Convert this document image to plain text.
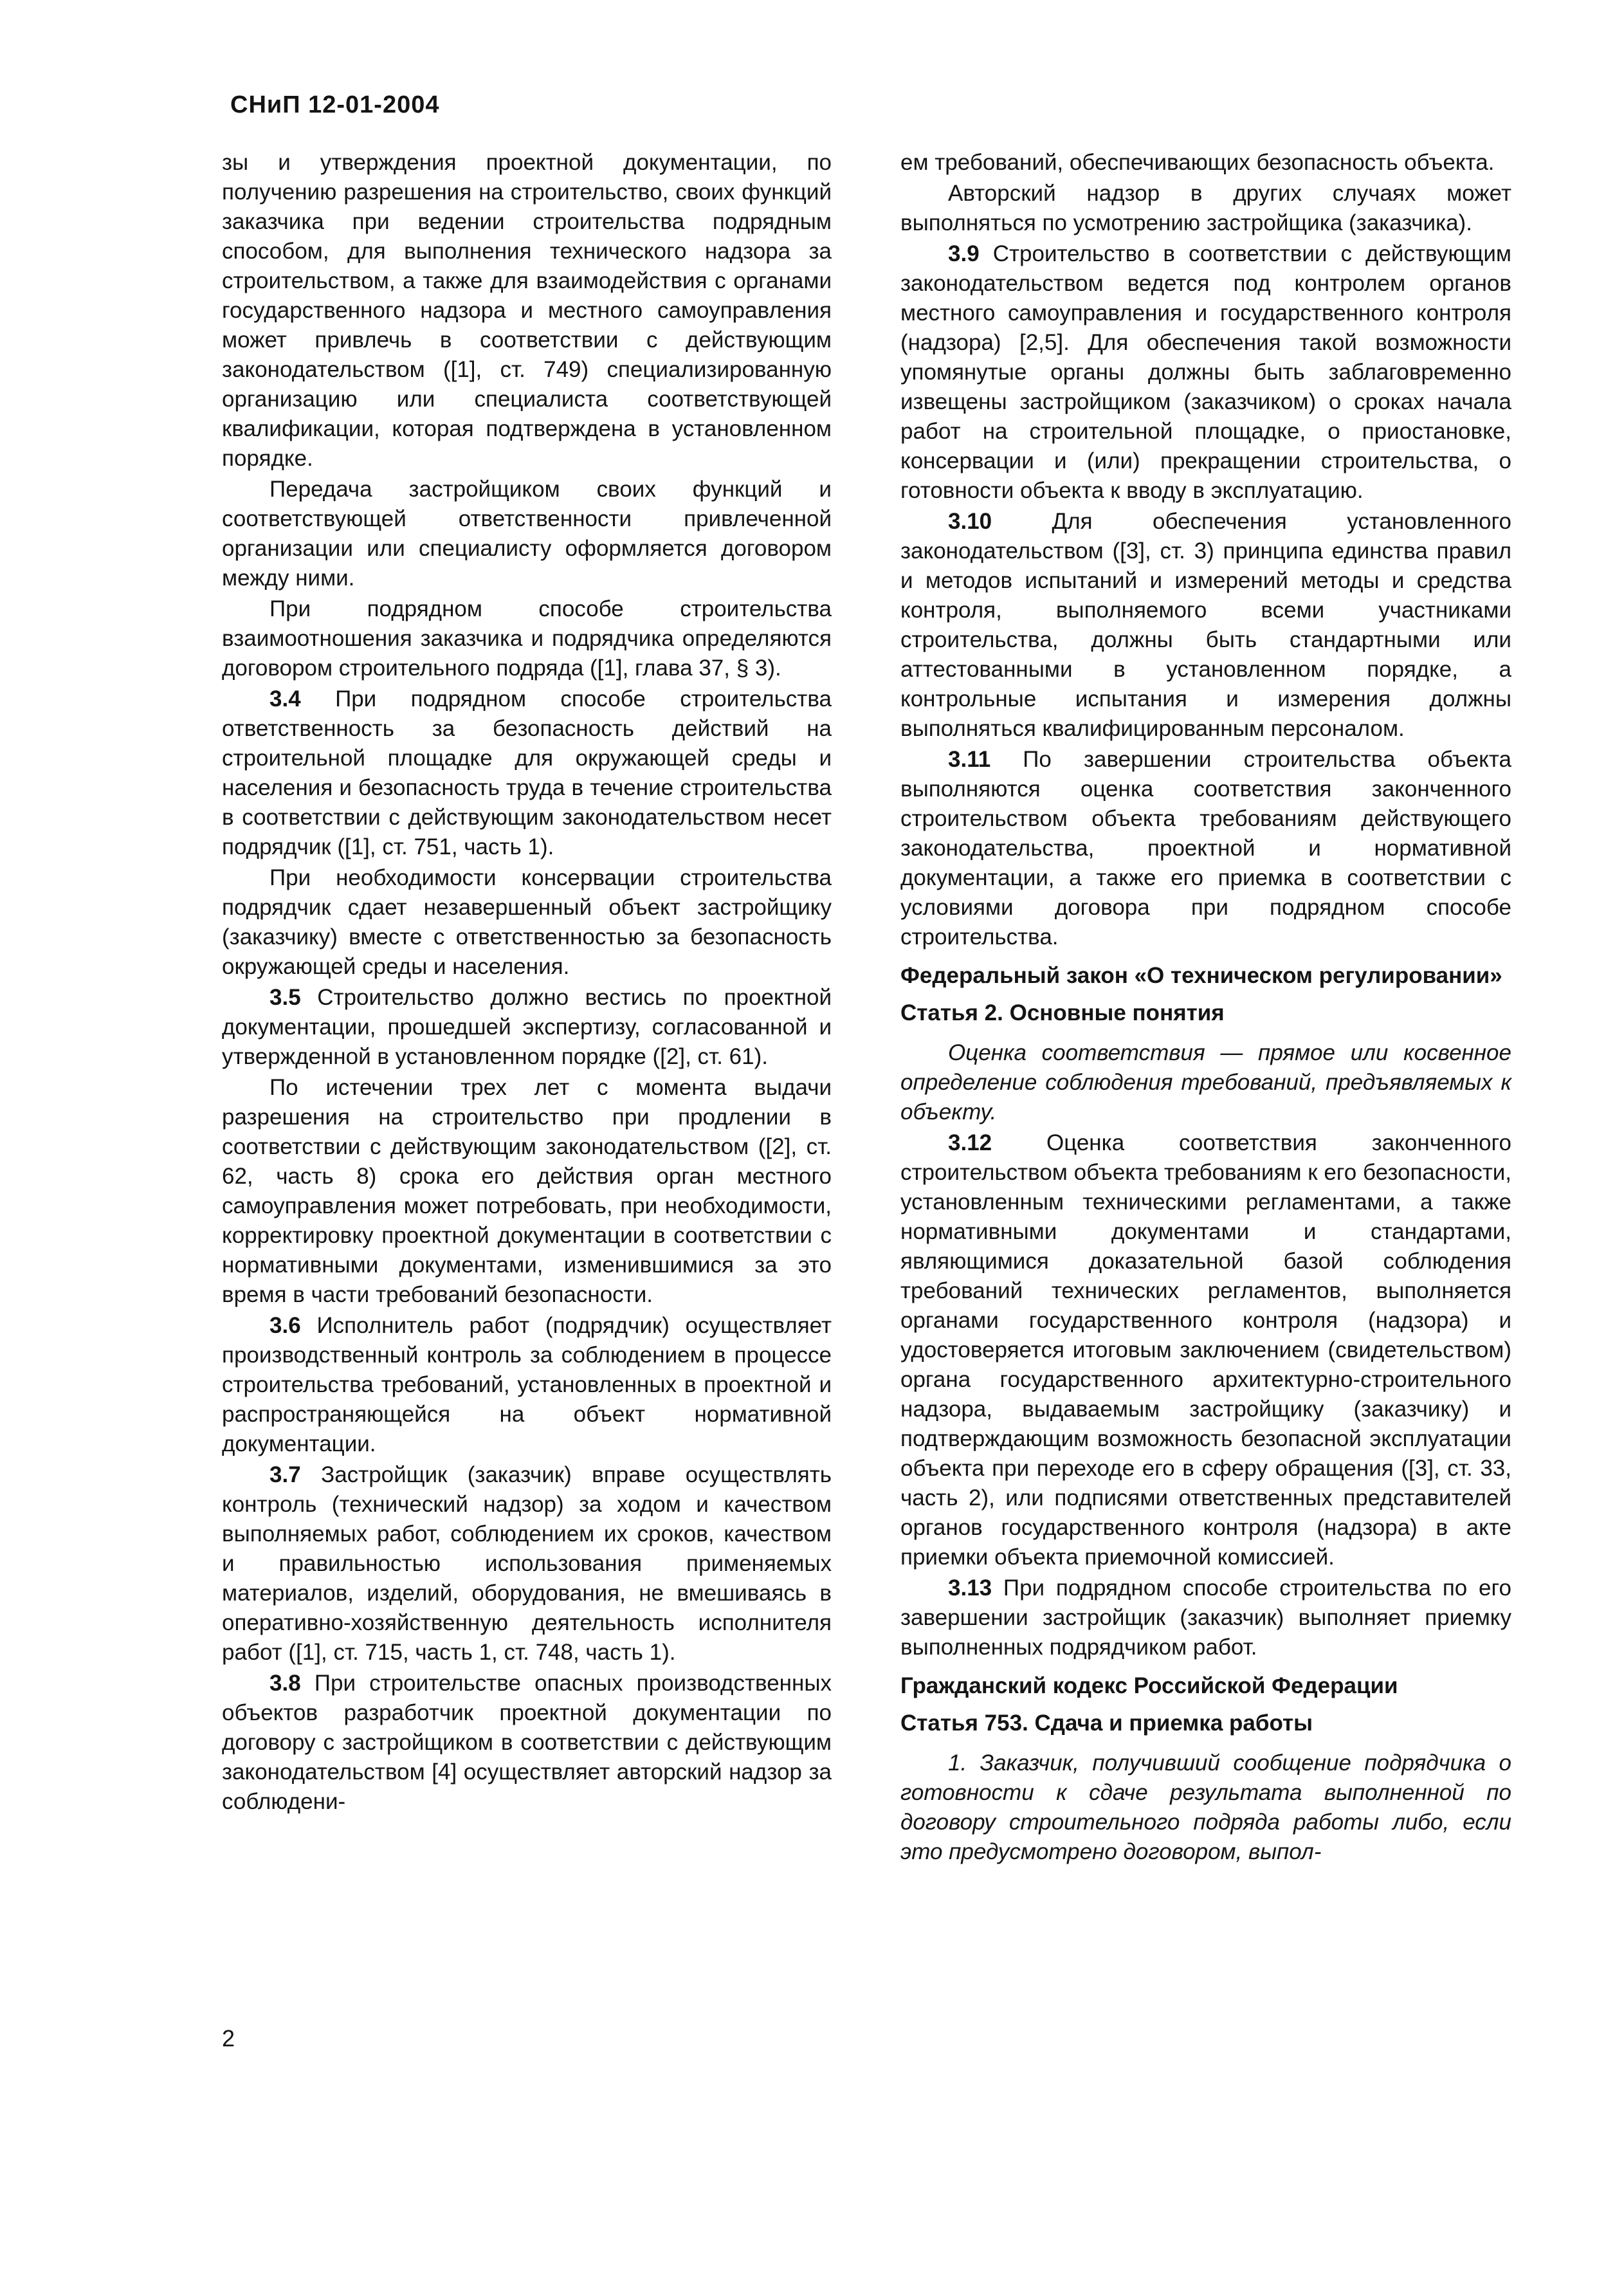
СНиП 12-01-2004

зы и утверждения проектной документации, по получению разрешения на строительство, своих функций заказчика при ведении строительства подрядным способом, для выполнения технического надзора за строительством, а также для взаимодействия с органами государственного надзора и местного самоуправления может привлечь в соответствии с действующим законодательством ([1], ст. 749) специализированную организацию или специалиста соответствующей квалификации, которая подтверждена в установленном порядке.

Передача застройщиком своих функций и соответствующей ответственности привлеченной организации или специалисту оформляется договором между ними.

При подрядном способе строительства взаимоотношения заказчика и подрядчика определяются договором строительного подряда ([1], глава 37, § 3).

3.4 При подрядном способе строительства ответственность за безопасность действий на строительной площадке для окружающей среды и населения и безопасность труда в течение строительства в соответствии с действующим законодательством несет подрядчик ([1], ст. 751, часть 1).

При необходимости консервации строительства подрядчик сдает незавершенный объект застройщику (заказчику) вместе с ответственностью за безопасность окружающей среды и населения.

3.5 Строительство должно вестись по проектной документации, прошедшей экспертизу, согласованной и утвержденной в установленном порядке ([2], ст. 61).

По истечении трех лет с момента выдачи разрешения на строительство при продлении в соответствии с действующим законодательством ([2], ст. 62, часть 8) срока его действия орган местного самоуправления может потребовать, при необходимости, корректировку проектной документации в соответствии с нормативными документами, изменившимися за это время в части требований безопасности.

3.6 Исполнитель работ (подрядчик) осуществляет производственный контроль за соблюдением в процессе строительства требований, установленных в проектной и распространяющейся на объект нормативной документации.

3.7 Застройщик (заказчик) вправе осуществлять контроль (технический надзор) за ходом и качеством выполняемых работ, соблюдением их сроков, качеством и правильностью использования применяемых материалов, изделий, оборудования, не вмешиваясь в оперативно-хозяйственную деятельность исполнителя работ ([1], ст. 715, часть 1, ст. 748, часть 1).

3.8 При строительстве опасных производственных объектов разработчик проектной документации по договору с застройщиком в соответствии с действующим законодательством [4] осуществляет авторский надзор за соблюдени-

ем требований, обеспечивающих безопасность объекта.

Авторский надзор в других случаях может выполняться по усмотрению застройщика (заказчика).

3.9 Строительство в соответствии с действующим законодательством ведется под контролем органов местного самоуправления и государственного контроля (надзора) [2,5]. Для обеспечения такой возможности упомянутые органы должны быть заблаговременно извещены застройщиком (заказчиком) о сроках начала работ на строительной площадке, о приостановке, консервации и (или) прекращении строительства, о готовности объекта к вводу в эксплуатацию.

3.10	Для обеспечения установленного законодательством ([3], ст. 3) принципа единства правил и методов испытаний и измерений методы и средства контроля, выполняемого всеми участниками строительства, должны быть стандартными или аттестованными в установленном порядке, а контрольные испытания и измерения должны выполняться квалифицированным персоналом.

3.11 По завершении строительства объекта выполняются оценка соответствия законченного строительством объекта требованиям действующего законодательства, проектной и нормативной документации, а также его приемка в соответствии с условиями договора при подрядном способе строительства.

Федеральный закон «О техническом регулировании»

Статья 2. Основные понятия

Оценка соответствия — прямое или косвенное определение соблюдения требований, предъявляемых к объекту.

3.12 Оценка соответствия законченного строительством объекта требованиям к его безопасности, установленным техническими регламентами, а также нормативными документами и стандартами, являющимися доказательной базой соблюдения требований технических регламентов, выполняется органами государственного контроля (надзора) и удостоверяется итоговым заключением (свидетельством) органа государственного архитектурно-строительного надзора, выдаваемым застройщику (заказчику) и подтверждающим возможность безопасной эксплуатации объекта при переходе его в сферу обращения ([3], ст. 33, часть 2), или подписями ответственных представителей органов государственного контроля (надзора) в акте приемки объекта приемочной комиссией.

3.13 При подрядном способе строительства по его завершении застройщик (заказчик) выполняет приемку выполненных подрядчиком работ.

Гражданский кодекс Российской Федерации

Статья 753. Сдача и приемка работы

1. Заказчик, получивший сообщение подрядчика о готовности к сдаче результата выполненной по договору строительного подряда работы либо, если это предусмотрено договором, выпол-

2
